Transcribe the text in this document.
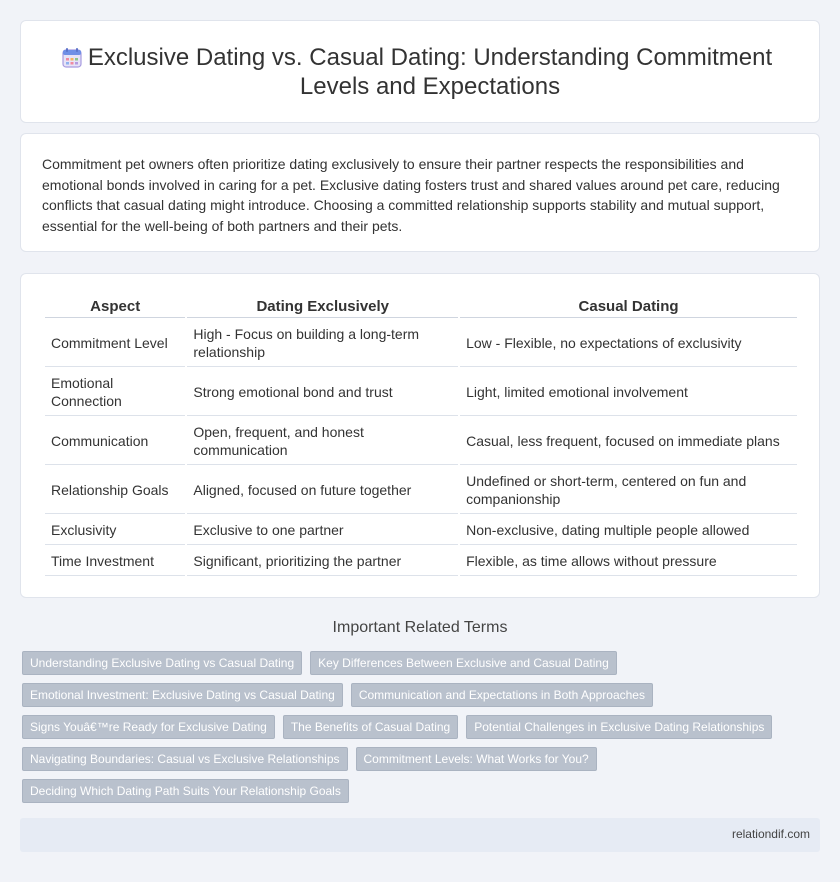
Exclusive Dating vs. Casual Dating: Understanding Commitment Levels and Expectations

Commitment pet owners often prioritize dating exclusively to ensure their partner respects the responsibilities and emotional bonds involved in caring for a pet. Exclusive dating fosters trust and shared values around pet care, reducing conflicts that casual dating might introduce. Choosing a committed relationship supports stability and mutual support, essential for the well-being of both partners and their pets.

Aspect	Dating Exclusively	Casual Dating
Commitment Level	High - Focus on building a long-term relationship	Low - Flexible, no expectations of exclusivity
Emotional Connection	Strong emotional bond and trust	Light, limited emotional involvement
Communication	Open, frequent, and honest communication	Casual, less frequent, focused on immediate plans
Relationship Goals	Aligned, focused on future together	Undefined or short-term, centered on fun and companionship
Exclusivity	Exclusive to one partner	Non-exclusive, dating multiple people allowed
Time Investment	Significant, prioritizing the partner	Flexible, as time allows without pressure
Important Related Terms
Understanding Exclusive Dating vs Casual Dating	Key Differences Between Exclusive and Casual Dating
Emotional Investment: Exclusive Dating vs Casual Dating	Communication and Expectations in Both Approaches
Signs Youâ€™re Ready for Exclusive Dating	The Benefits of Casual Dating	Potential Challenges in Exclusive Dating Relationships
Navigating Boundaries: Casual vs Exclusive Relationships	Commitment Levels: What Works for You?
Deciding Which Dating Path Suits Your Relationship Goals
relationdif.com
